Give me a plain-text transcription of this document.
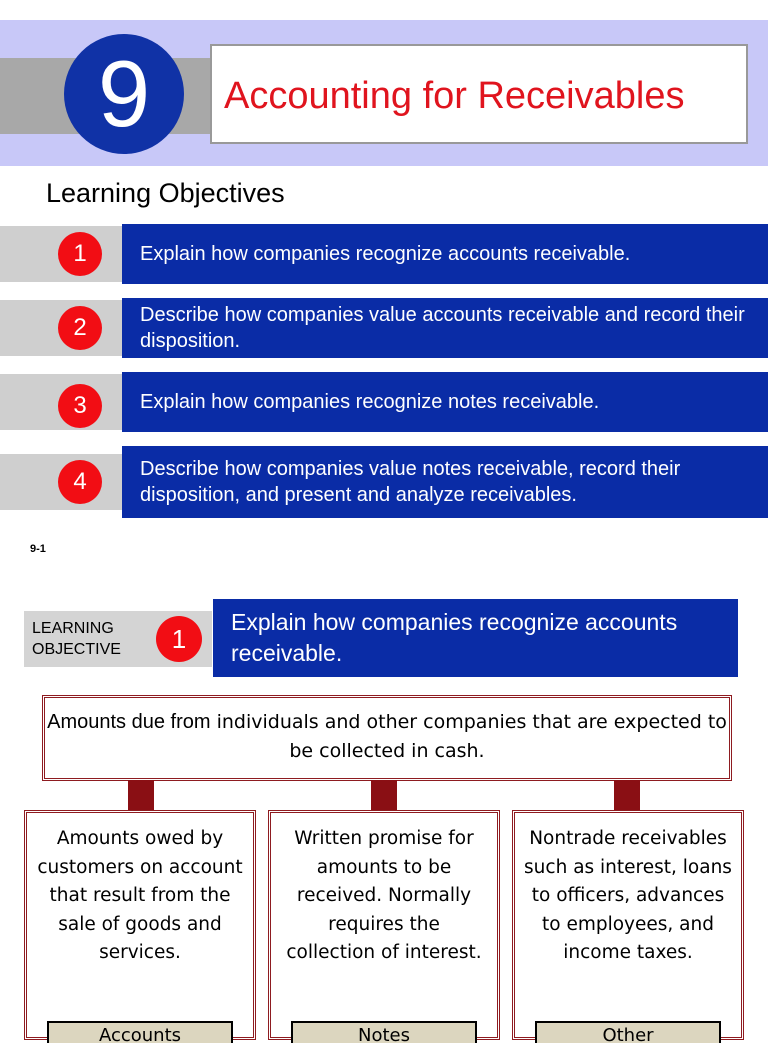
9	Accounting for Receivables
Learning Objectives
Explain how companies recognize accounts receivable.
1
Describe how companies value accounts receivable and record their disposition.
2
Explain how companies recognize notes receivable.
3
Describe how companies value notes receivable, record their disposition, and present and analyze receivables.
4
9-1
LEARNING
OBJECTIVE	1
Explain how companies recognize accounts receivable.
Amounts due from individuals and other companies that are expected to be collected in cash.
Amounts owed by customers on account that result from the sale of goods and services.
Accounts
Written promise for amounts to be received. Normally requires the collection of interest.
Notes
Nontrade receivables such as interest, loans to officers, advances to employees, and income taxes.
Other
